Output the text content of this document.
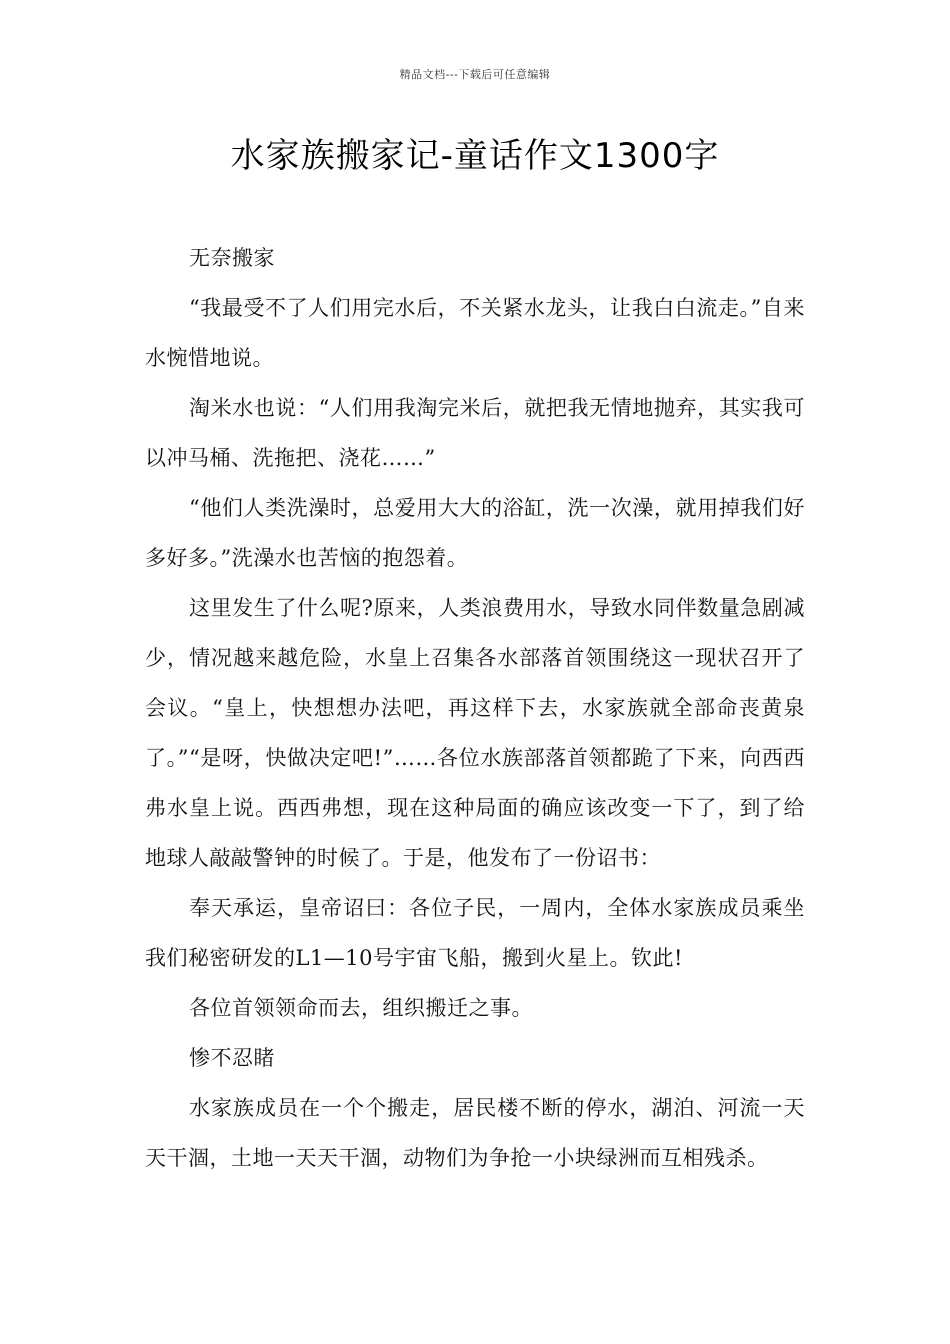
精品文档---下载后可任意编辑
水家族搬家记-童话作文1300字

无奈搬家

“我最受不了人们用完水后，不关紧水龙头，让我白白流走。”自来水惋惜地说。

淘米水也说：“人们用我淘完米后，就把我无情地抛弃，其实我可以冲马桶、洗拖把、浇花……”

“他们人类洗澡时，总爱用大大的浴缸，洗一次澡，就用掉我们好多好多。”洗澡水也苦恼的抱怨着。

这里发生了什么呢?原来，人类浪费用水，导致水同伴数量急剧减少，情况越来越危险，水皇上召集各水部落首领围绕这一现状召开了会议。“皇上，快想想办法吧，再这样下去，水家族就全部命丧黄泉了。”“是呀，快做决定吧!”……各位水族部落首领都跪了下来，向西西弗水皇上说。西西弗想，现在这种局面的确应该改变一下了，到了给地球人敲敲警钟的时候了。于是，他发布了一份诏书：

奉天承运，皇帝诏曰：各位子民，一周内，全体水家族成员乘坐我们秘密研发的L1—10号宇宙飞船，搬到火星上。钦此!

各位首领领命而去，组织搬迁之事。

惨不忍睹

水家族成员在一个个搬走，居民楼不断的停水，湖泊、河流一天天干涸，土地一天天干涸，动物们为争抢一小块绿洲而互相残杀。
